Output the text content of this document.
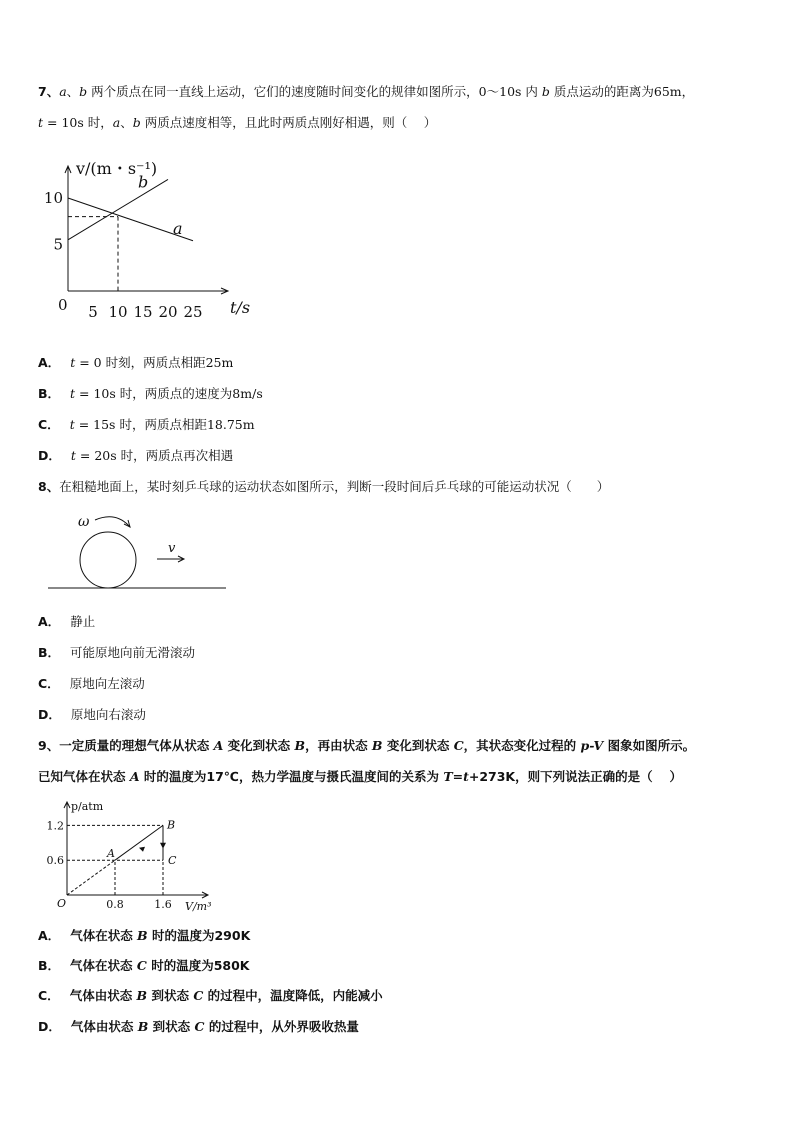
7、a、b 两个质点在同一直线上运动，它们的速度随时间变化的规律如图所示，0～10s 内 b 质点运动的距离为65m，
t = 10s 时，a、b 两质点速度相等，且此时两质点刚好相遇，则（　 ）
v/(m・s⁻¹)
t/s
0 5 10 15 20 25
10
5
a
b
A． t = 0 时刻，两质点相距25m
B． t = 10s 时，两质点的速度为8m/s
C． t = 15s 时，两质点相距18.75m
D． t = 20s 时，两质点再次相遇
8、在粗糙地面上，某时刻乒乓球的运动状态如图所示，判断一段时间后乒乓球的可能运动状况（　　）
ω
v
A． 静止
B． 可能原地向前无滑滚动
C． 原地向左滚动
D． 原地向右滚动
9、一定质量的理想气体从状态 A 变化到状态 B，再由状态 B 变化到状态 C，其状态变化过程的 p-V 图象如图所示。
已知气体在状态 A 时的温度为17℃，热力学温度与摄氏温度间的关系为 T=t+273K，则下列说法正确的是（　 ）
p/atm
V/m³
O	0.8	1.6
1.2
0.6
A
B
C
A． 气体在状态 B 时的温度为290K
B． 气体在状态 C 时的温度为580K
C． 气体由状态 B 到状态 C 的过程中，温度降低，内能减小
D． 气体由状态 B 到状态 C 的过程中，从外界吸收热量
